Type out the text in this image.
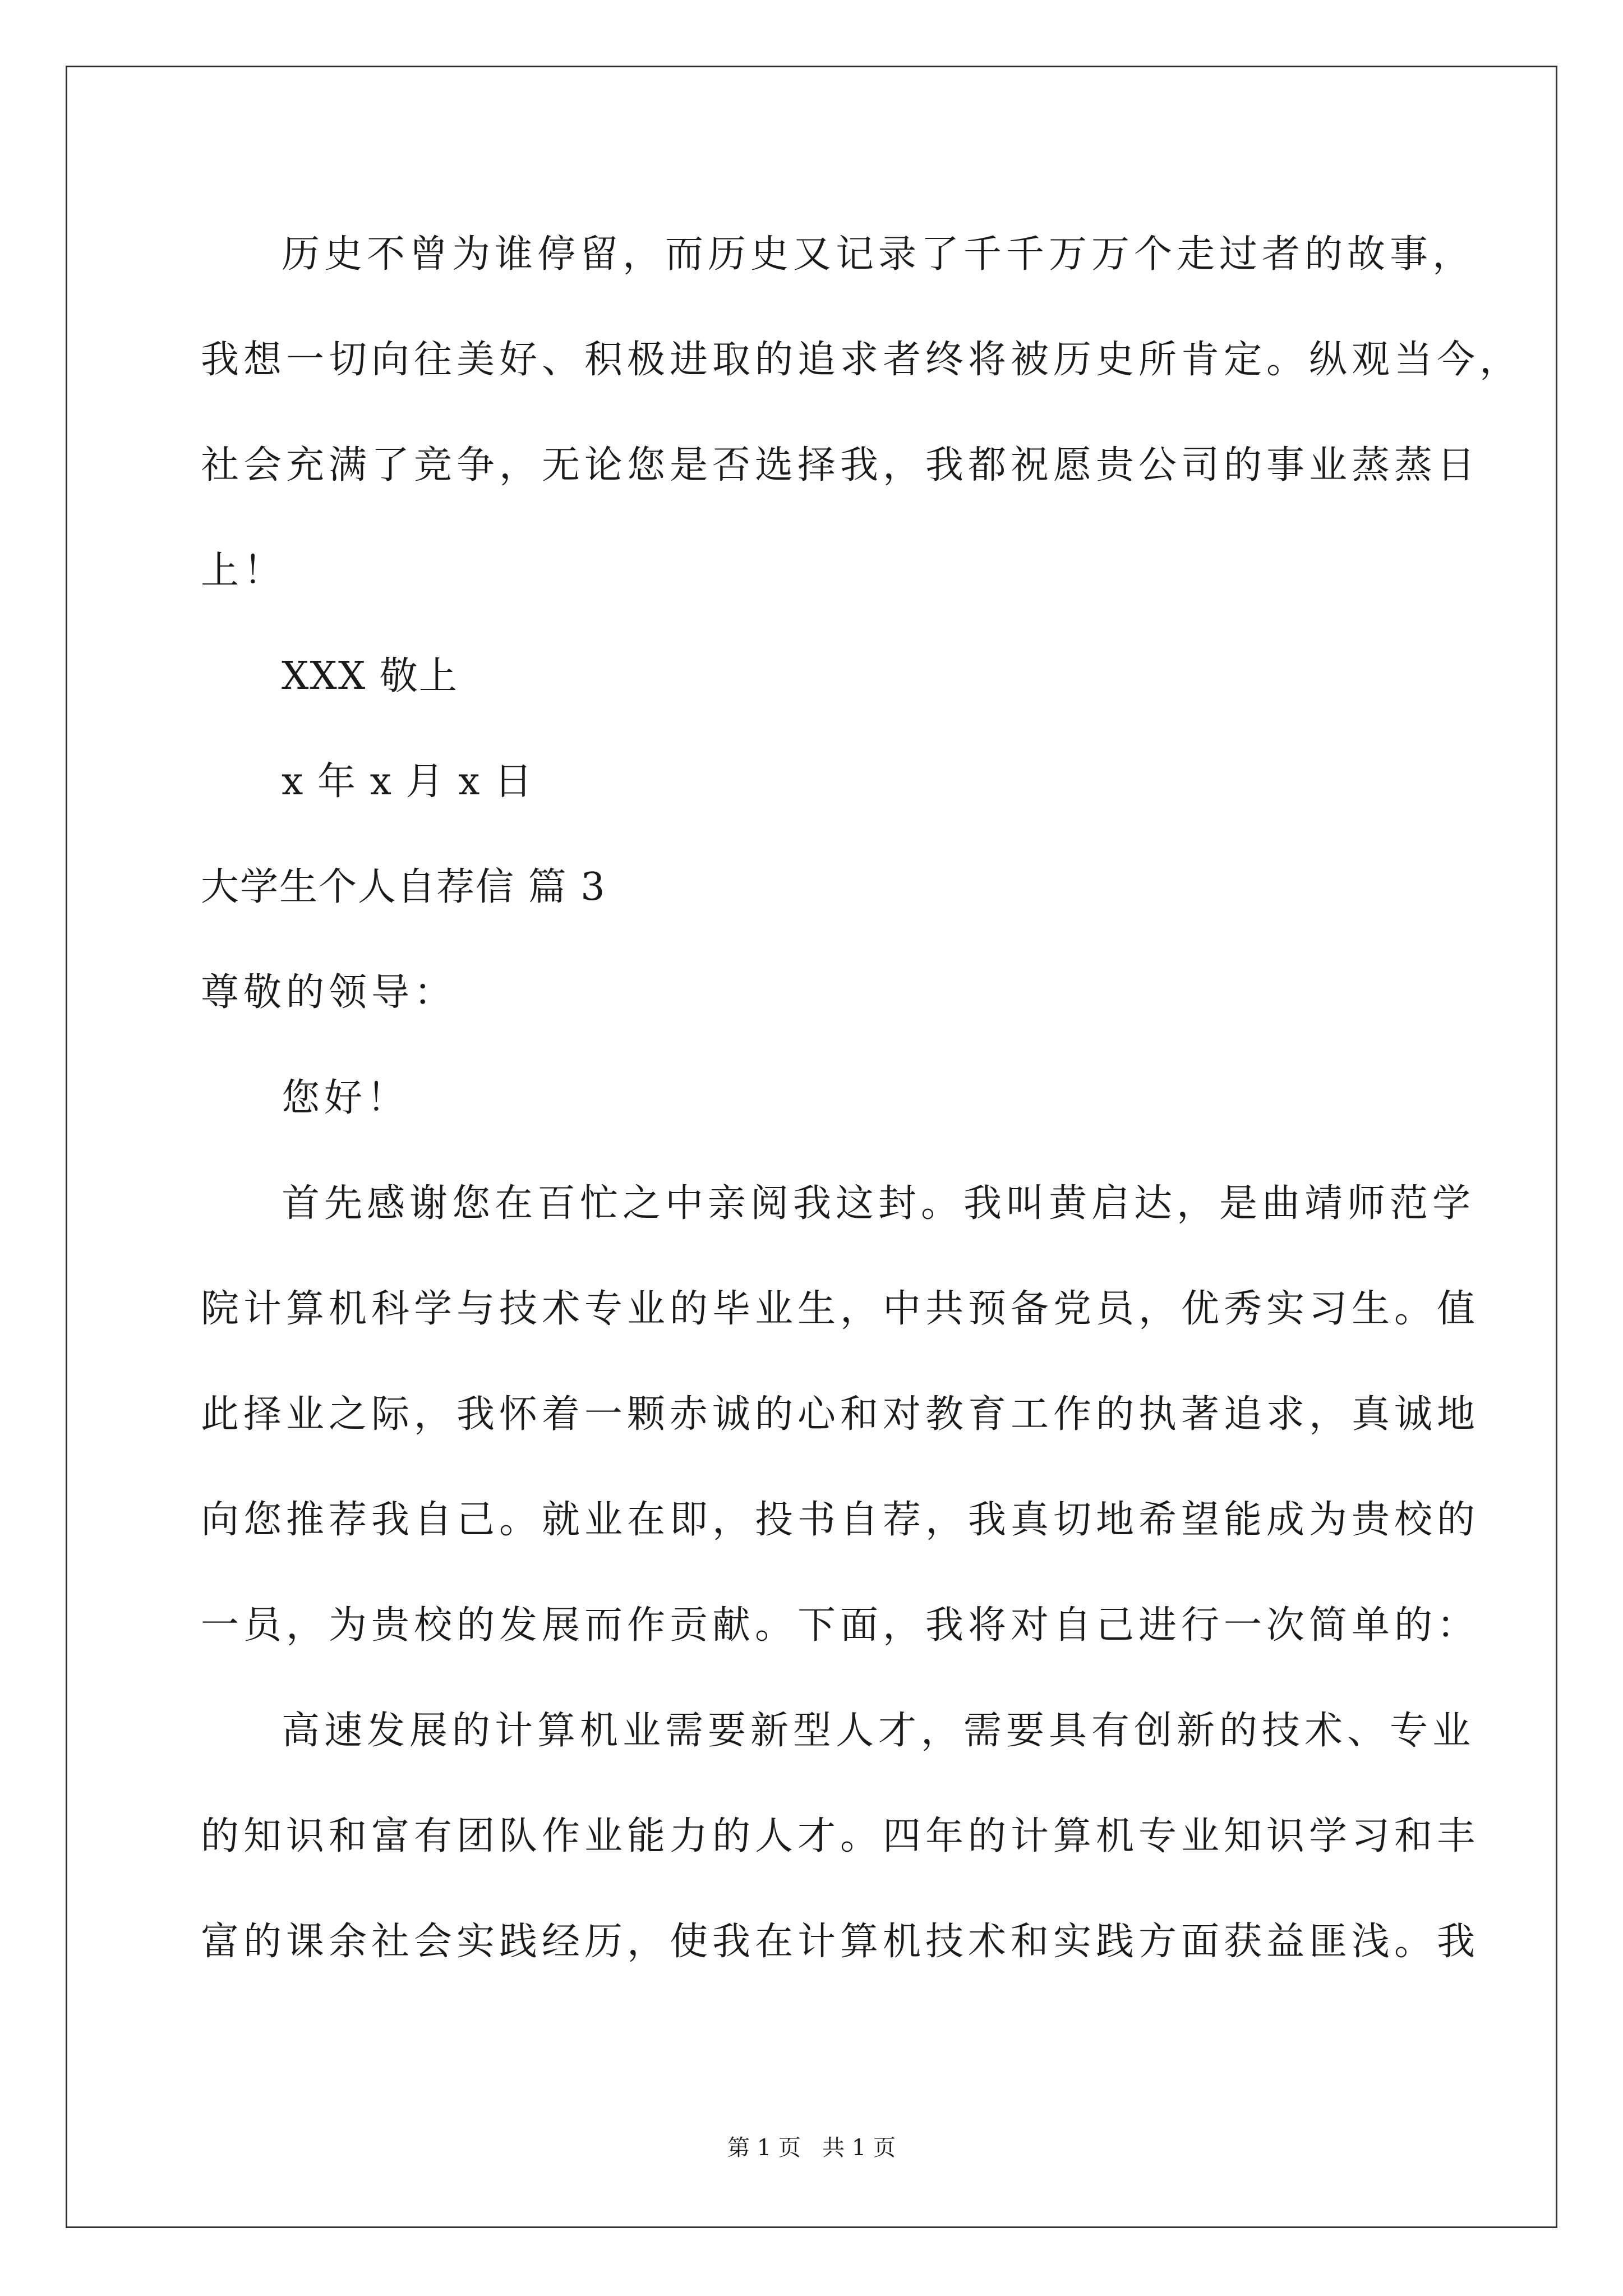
历史不曾为谁停留，而历史又记录了千千万万个走过者的故事，
我想一切向往美好、积极进取的追求者终将被历史所肯定。纵观当今，
社会充满了竞争，无论您是否选择我，我都祝愿贵公司的事业蒸蒸日
上！
XXX 敬上
x 年 x 月 x 日
大学生个人自荐信 篇 3
尊敬的领导：
您好！
首先感谢您在百忙之中亲阅我这封。我叫黄启达，是曲靖师范学
院计算机科学与技术专业的毕业生，中共预备党员，优秀实习生。值
此择业之际，我怀着一颗赤诚的心和对教育工作的执著追求，真诚地
向您推荐我自己。就业在即，投书自荐，我真切地希望能成为贵校的
一员，为贵校的发展而作贡献。下面，我将对自己进行一次简单的：
高速发展的计算机业需要新型人才，需要具有创新的技术、专业
的知识和富有团队作业能力的人才。四年的计算机专业知识学习和丰
富的课余社会实践经历，使我在计算机技术和实践方面获益匪浅。我
第 1 页   共 1 页
